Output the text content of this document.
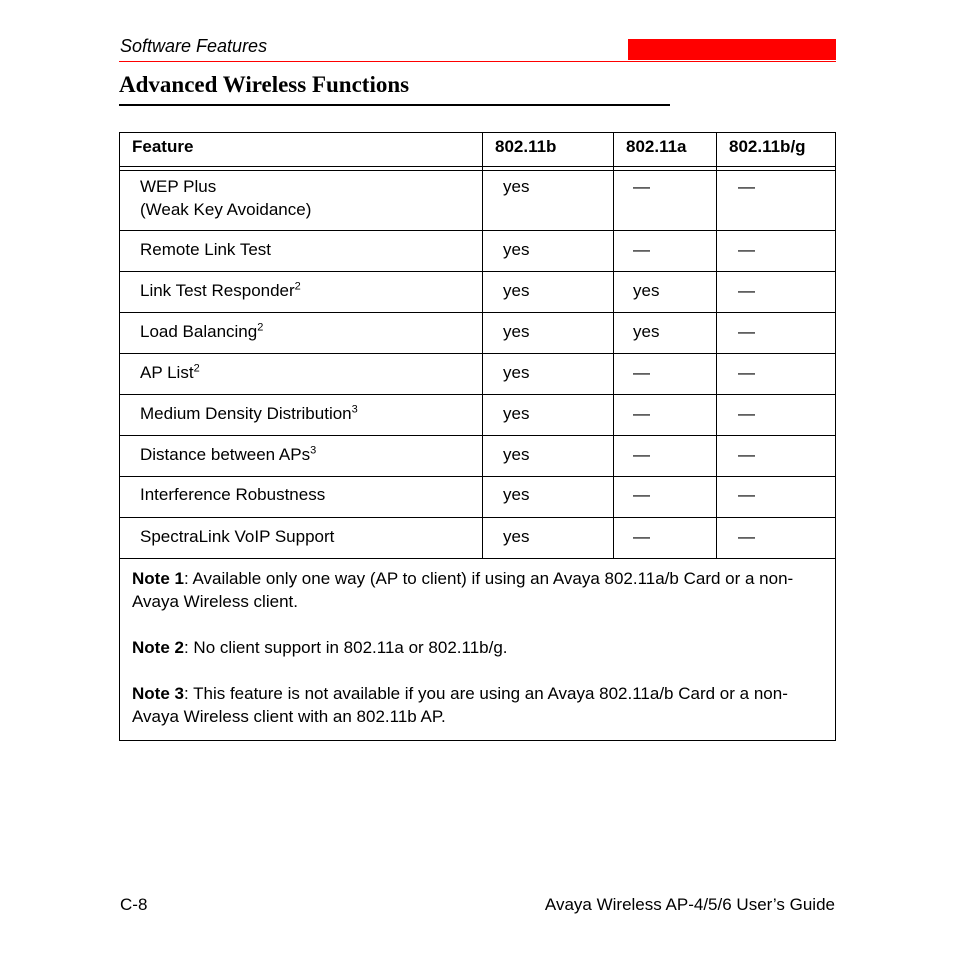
Software Features
Advanced Wireless Functions
Feature	802.11b	802.11a	802.11b/g

WEP Plus
(Weak Key Avoidance)	yes	—	—
Remote Link Test	yes	—	—
Link Test Responder$^2$	yes	yes	—
Load Balancing$^2$	yes	yes	—
AP List$^2$	yes	—	—
Medium Density Distribution$^3$	yes	—	—
Distance between APs$^3$	yes	—	—
Interference Robustness	yes	—	—
SpectraLink VoIP Support	yes	—	—

Note 1: Available only one way (AP to client) if using an Avaya 802.11a/b Card or a non-Avaya Wireless client.

Note 2: No client support in 802.11a or 802.11b/g.

Note 3: This feature is not available if you are using an Avaya 802.11a/b Card or a non-Avaya Wireless client with an 802.11b AP.			

C-8	Avaya Wireless AP-4/5/6 User’s Guide
